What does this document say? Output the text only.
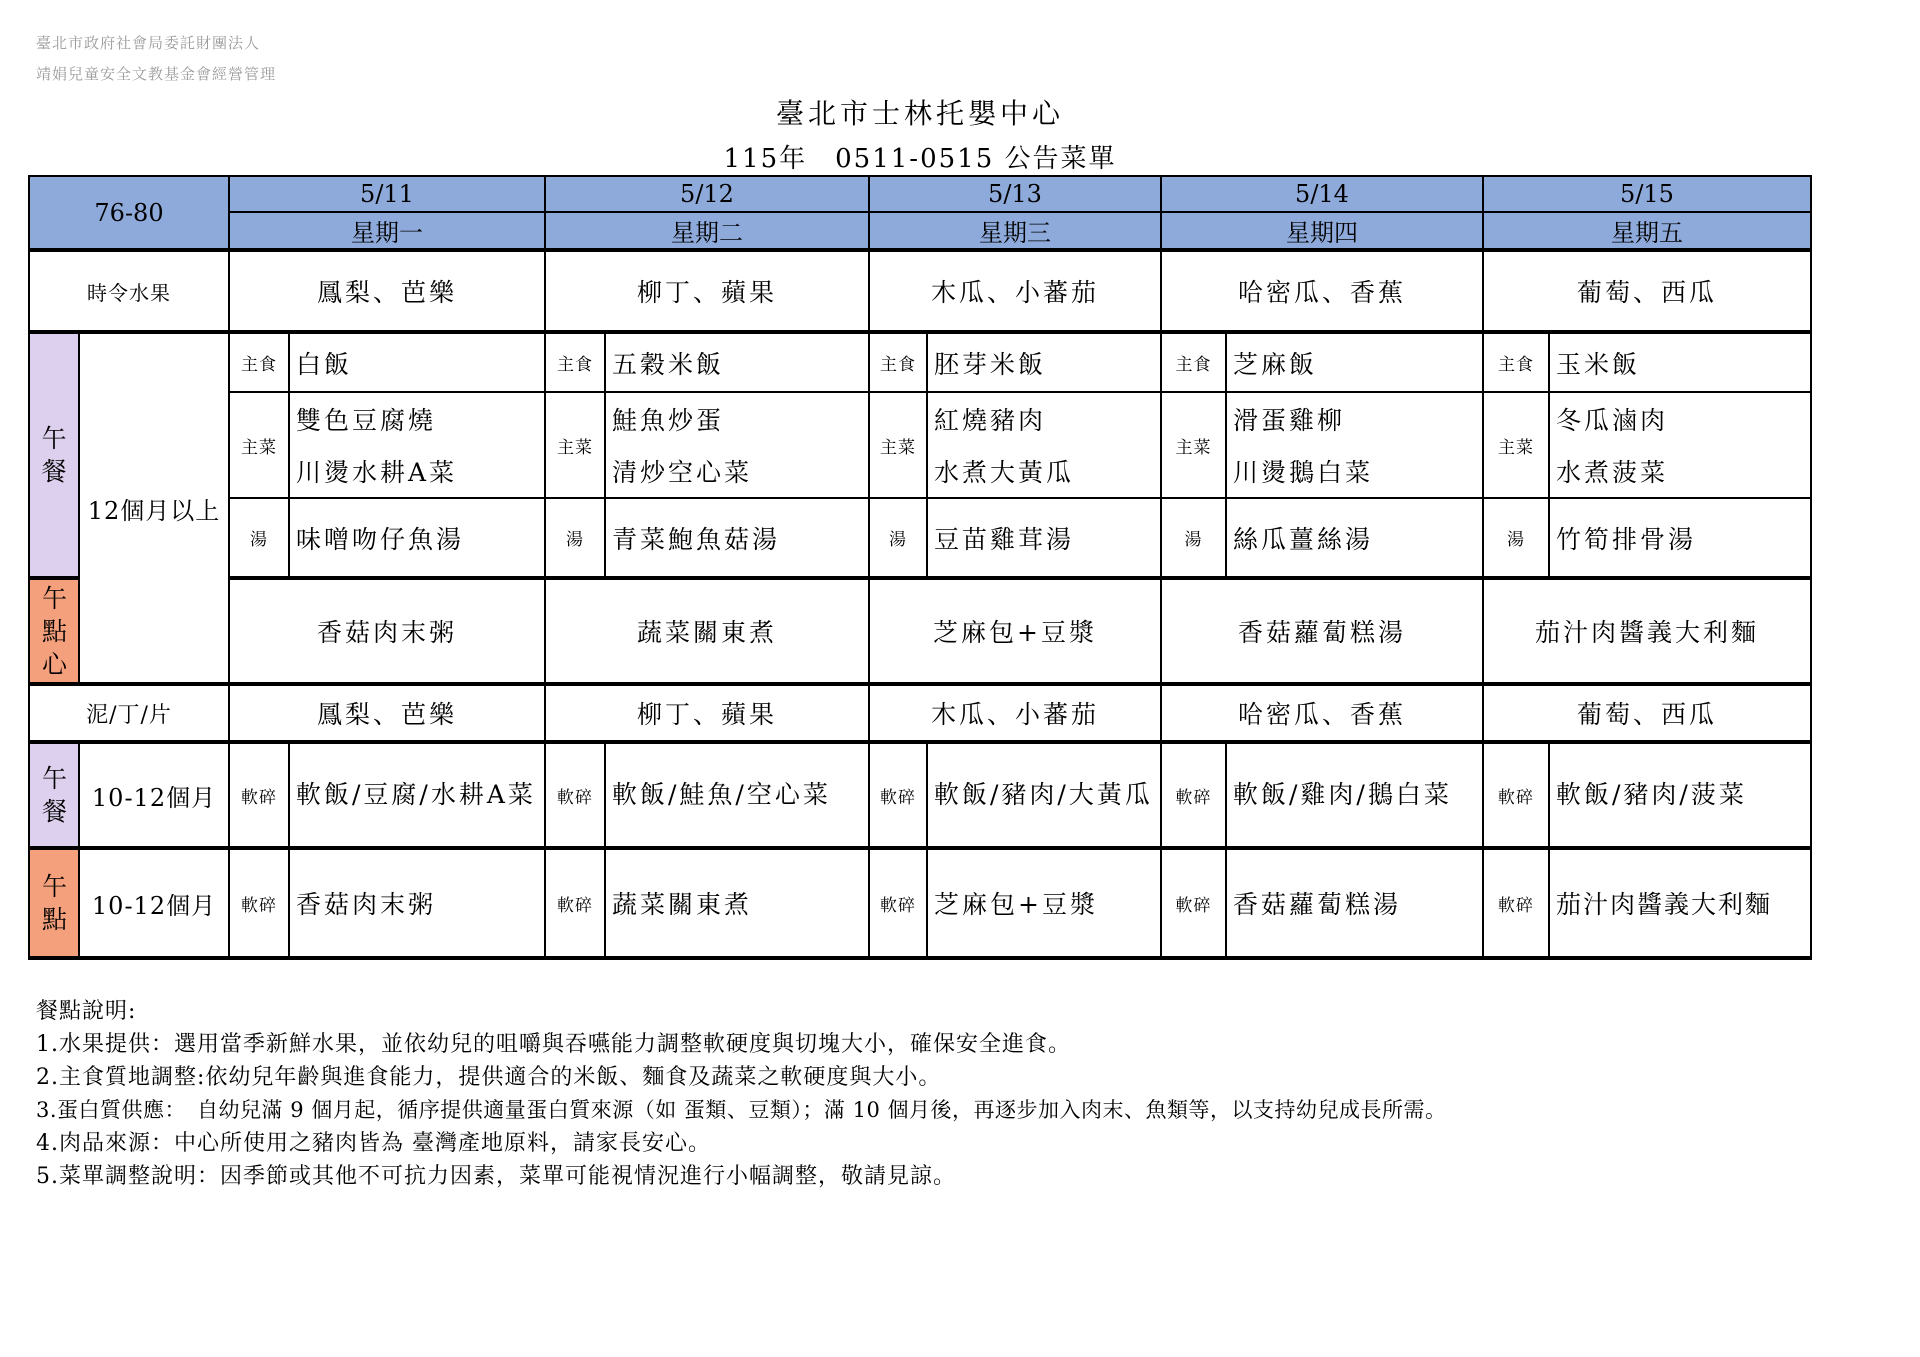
臺北市政府社會局委託財團法人
靖娟兒童安全文教基金會經營管理
臺北市士林托嬰中心
115年　0511-0515 公告菜單
76-80		5/11		5/12		5/13		5/14		5/15	
		星期一		星期二		星期三		星期四		星期五	
時令水果		鳳梨、芭樂		柳丁、蘋果		木瓜、小蕃茄		哈密瓜、香蕉		葡萄、西瓜	
午餐	12個月以上	主食	白飯	主食	五穀米飯	主食	胚芽米飯	主食	芝麻飯	主食	玉米飯
		主菜	雙色豆腐燒	主菜	鮭魚炒蛋	主菜	紅燒豬肉	主菜	滑蛋雞柳	主菜	冬瓜滷肉
			川燙水耕A菜		清炒空心菜		水煮大黃瓜		川燙鵝白菜		水煮菠菜
		湯	味噌吻仔魚湯	湯	青菜鮑魚菇湯	湯	豆苗雞茸湯	湯	絲瓜薑絲湯	湯	竹筍排骨湯
午點心		香菇肉末粥		蔬菜關東煮		芝麻包+豆漿		香菇蘿蔔糕湯		茄汁肉醬義大利麵	
泥/丁/片		鳳梨、芭樂		柳丁、蘋果		木瓜、小蕃茄		哈密瓜、香蕉		葡萄、西瓜	
午餐	10-12個月	軟碎	軟飯/豆腐/水耕A菜	軟碎	軟飯/鮭魚/空心菜	軟碎	軟飯/豬肉/大黃瓜	軟碎	軟飯/雞肉/鵝白菜	軟碎	軟飯/豬肉/菠菜
午點	10-12個月	軟碎	香菇肉末粥	軟碎	蔬菜關東煮	軟碎	芝麻包+豆漿	軟碎	香菇蘿蔔糕湯	軟碎	茄汁肉醬義大利麵
餐點說明:
1.水果提供：選用當季新鮮水果，並依幼兒的咀嚼與吞嚥能力調整軟硬度與切塊大小，確保安全進食。
2.主食質地調整:依幼兒年齡與進食能力，提供適合的米飯、麵食及蔬菜之軟硬度與大小。
3.蛋白質供應：　自幼兒滿 9 個月起，循序提供適量蛋白質來源（如 蛋類、豆類）；滿 10 個月後，再逐步加入肉末、魚類等，以支持幼兒成長所需。
4.肉品來源：中心所使用之豬肉皆為 臺灣產地原料，請家長安心。
5.菜單調整說明：因季節或其他不可抗力因素，菜單可能視情況進行小幅調整，敬請見諒。
